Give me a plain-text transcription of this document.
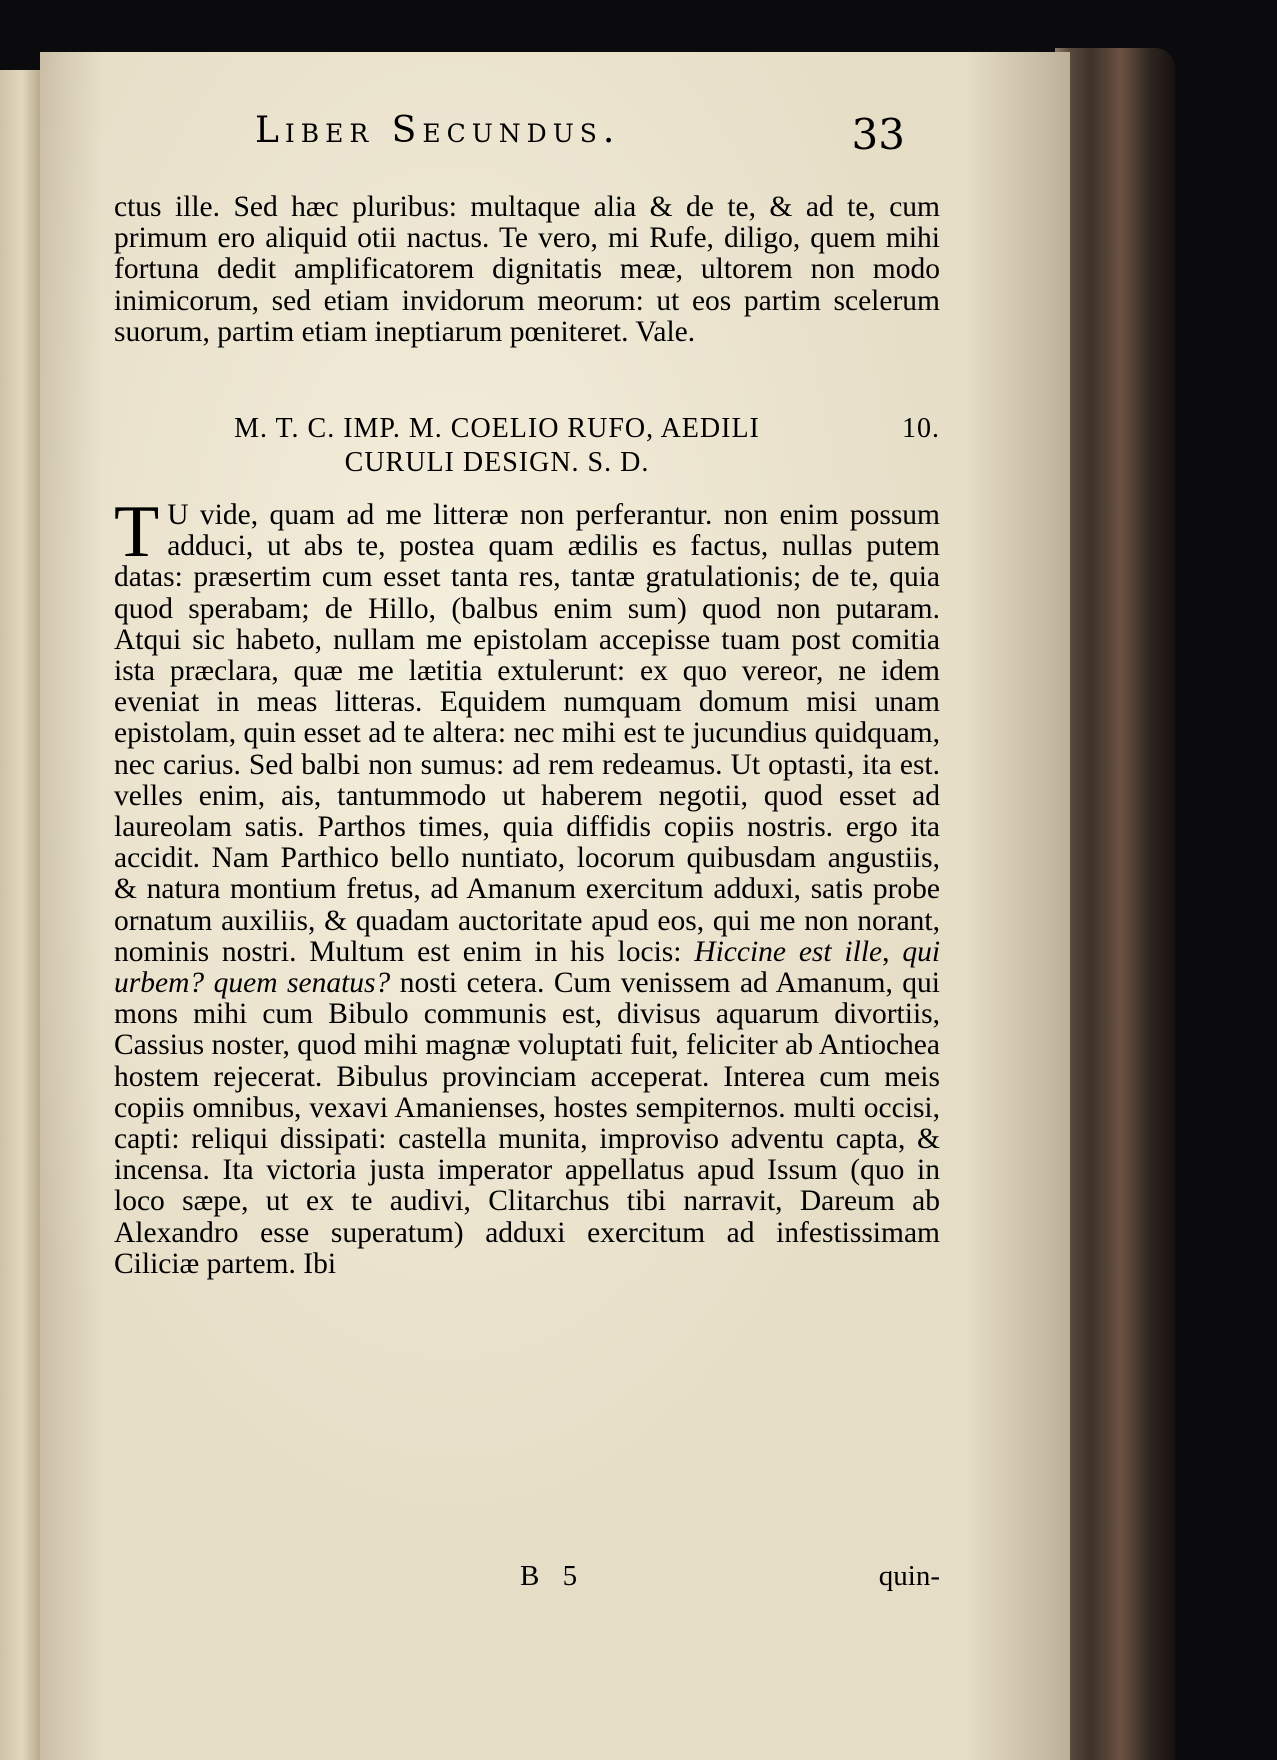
Liber Secundus.	33
ctus ille. Sed hæc pluribus: multaque alia & de te, & ad te, cum primum ero aliquid otii nactus. Te vero, mi Rufe, diligo, quem mihi fortuna dedit amplificatorem dignitatis meæ, ultorem non modo inimicorum, sed etiam invidorum meorum: ut eos partim scelerum suorum, partim etiam ineptiarum pœniteret. Vale.
M. T. C. IMP. M. COELIO RUFO, AEDILI
CURULI DESIGN. S. D.
10.
T U vide, quam ad me litteræ non perferantur. non enim possum adduci, ut abs te, postea quam ædilis es factus, nullas putem datas: præsertim cum esset tanta res, tantæ gratulationis; de te, quia quod sperabam; de Hillo, (balbus enim sum) quod non putaram. Atqui sic habeto, nullam me epistolam accepisse tuam post comitia ista præclara, quæ me lætitia extulerunt: ex quo vereor, ne idem eveniat in meas litteras. Equidem numquam domum misi unam epistolam, quin esset ad te altera: nec mihi est te jucundius quidquam, nec carius. Sed balbi non sumus: ad rem redeamus. Ut optasti, ita est. velles enim, ais, tantummodo ut haberem negotii, quod esset ad laureolam satis. Parthos times, quia diffidis copiis nostris. ergo ita accidit. Nam Parthico bello nuntiato, locorum quibusdam angustiis, & natura montium fretus, ad Amanum exercitum adduxi, satis probe ornatum auxiliis, & quadam auctoritate apud eos, qui me non norant, nominis nostri. Multum est enim in his locis: Hiccine est ille, qui urbem? quem senatus? nosti cetera. Cum venissem ad Amanum, qui mons mihi cum Bibulo communis est, divisus aquarum divortiis, Cassius noster, quod mihi magnæ voluptati fuit, feliciter ab Antiochea hostem rejecerat. Bibulus provinciam acceperat. Interea cum meis copiis omnibus, vexavi Amanienses, hostes sempiternos. multi occisi, capti: reliqui dissipati: castella munita, improviso adventu capta, & incensa. Ita victoria justa imperator appellatus apud Issum (quo in loco sæpe, ut ex te audivi, Clitarchus tibi narravit, Dareum ab Alexandro esse superatum) adduxi exercitum ad infestissimam Ciliciæ partem. Ibi
B 5	quin-
